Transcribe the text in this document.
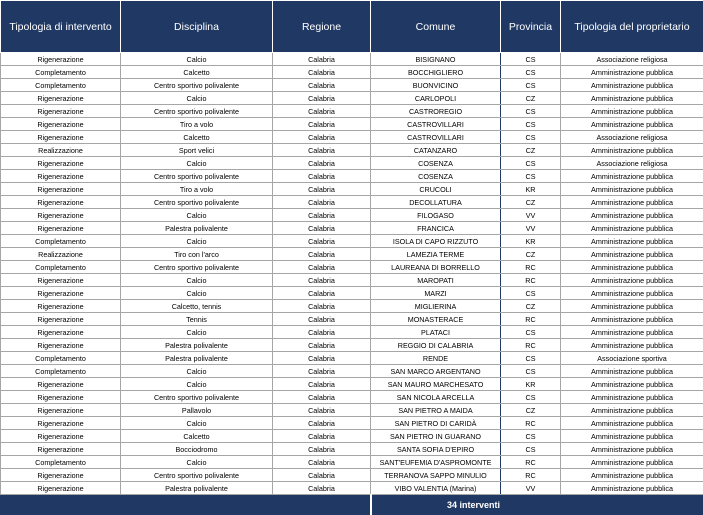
Tipologia di intervento	Disciplina	Regione	Comune	Provincia	Tipologia del proprietario
Rigenerazione	Calcio	Calabria	BISIGNANO	CS	Associazione religiosa
Completamento	Calcetto	Calabria	BOCCHIGLIERO	CS	Amministrazione pubblica
Completamento	Centro sportivo polivalente	Calabria	BUONVICINO	CS	Amministrazione pubblica
Rigenerazione	Calcio	Calabria	CARLOPOLI	CZ	Amministrazione pubblica
Rigenerazione	Centro sportivo polivalente	Calabria	CASTROREGIO	CS	Amministrazione pubblica
Rigenerazione	Tiro a volo	Calabria	CASTROVILLARI	CS	Amministrazione pubblica
Rigenerazione	Calcetto	Calabria	CASTROVILLARI	CS	Associazione religiosa
Realizzazione	Sport velici	Calabria	CATANZARO	CZ	Amministrazione pubblica
Rigenerazione	Calcio	Calabria	COSENZA	CS	Associazione religiosa
Rigenerazione	Centro sportivo polivalente	Calabria	COSENZA	CS	Amministrazione pubblica
Rigenerazione	Tiro a volo	Calabria	CRUCOLI	KR	Amministrazione pubblica
Rigenerazione	Centro sportivo polivalente	Calabria	DECOLLATURA	CZ	Amministrazione pubblica
Rigenerazione	Calcio	Calabria	FILOGASO	VV	Amministrazione pubblica
Rigenerazione	Palestra polivalente	Calabria	FRANCICA	VV	Amministrazione pubblica
Completamento	Calcio	Calabria	ISOLA DI CAPO RIZZUTO	KR	Amministrazione pubblica
Realizzazione	Tiro con l'arco	Calabria	LAMEZIA TERME	CZ	Amministrazione pubblica
Completamento	Centro sportivo polivalente	Calabria	LAUREANA DI BORRELLO	RC	Amministrazione pubblica
Rigenerazione	Calcio	Calabria	MAROPATI	RC	Amministrazione pubblica
Rigenerazione	Calcio	Calabria	MARZI	CS	Amministrazione pubblica
Rigenerazione	Calcetto, tennis	Calabria	MIGLIERINA	CZ	Amministrazione pubblica
Rigenerazione	Tennis	Calabria	MONASTERACE	RC	Amministrazione pubblica
Rigenerazione	Calcio	Calabria	PLATACI	CS	Amministrazione pubblica
Rigenerazione	Palestra polivalente	Calabria	REGGIO DI CALABRIA	RC	Amministrazione pubblica
Completamento	Palestra polivalente	Calabria	RENDE	CS	Associazione sportiva
Completamento	Calcio	Calabria	SAN MARCO ARGENTANO	CS	Amministrazione pubblica
Rigenerazione	Calcio	Calabria	SAN MAURO MARCHESATO	KR	Amministrazione pubblica
Rigenerazione	Centro sportivo polivalente	Calabria	SAN NICOLA ARCELLA	CS	Amministrazione pubblica
Rigenerazione	Pallavolo	Calabria	SAN PIETRO A MAIDA	CZ	Amministrazione pubblica
Rigenerazione	Calcio	Calabria	SAN PIETRO DI CARIDÀ	RC	Amministrazione pubblica
Rigenerazione	Calcetto	Calabria	SAN PIETRO IN GUARANO	CS	Amministrazione pubblica
Rigenerazione	Bocciodromo	Calabria	SANTA SOFIA D'EPIRO	CS	Amministrazione pubblica
Completamento	Calcio	Calabria	SANT'EUFEMIA D'ASPROMONTE	RC	Amministrazione pubblica
Rigenerazione	Centro sportivo polivalente	Calabria	TERRANOVA SAPPO MINULIO	RC	Amministrazione pubblica
Rigenerazione	Palestra polivalente	Calabria	VIBO VALENTIA (Marina)	VV	Amministrazione pubblica
			34 interventi		
